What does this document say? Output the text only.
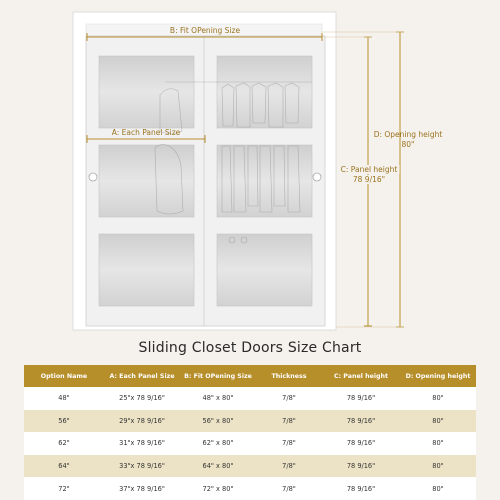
B: Fit OPening Size
A: Each Panel Size	D: Opening height
80"
C: Panel height
78 9/16"
Sliding Closet Doors Size Chart
Option Name	A: Each Panel Size	B: Fit OPening Size	Thickness	C: Panel height	D: Opening height
48"	25"x 78 9/16"	48" x 80"	7/8"	78 9/16"	80"
56"	29"x 78 9/16"	56" x 80"	7/8"	78 9/16"	80"
62"	31"x 78 9/16"	62" x 80"	7/8"	78 9/16"	80"
64"	33"x 78 9/16"	64" x 80"	7/8"	78 9/16"	80"
72"	37"x 78 9/16"	72" x 80"	7/8"	78 9/16"	80"
